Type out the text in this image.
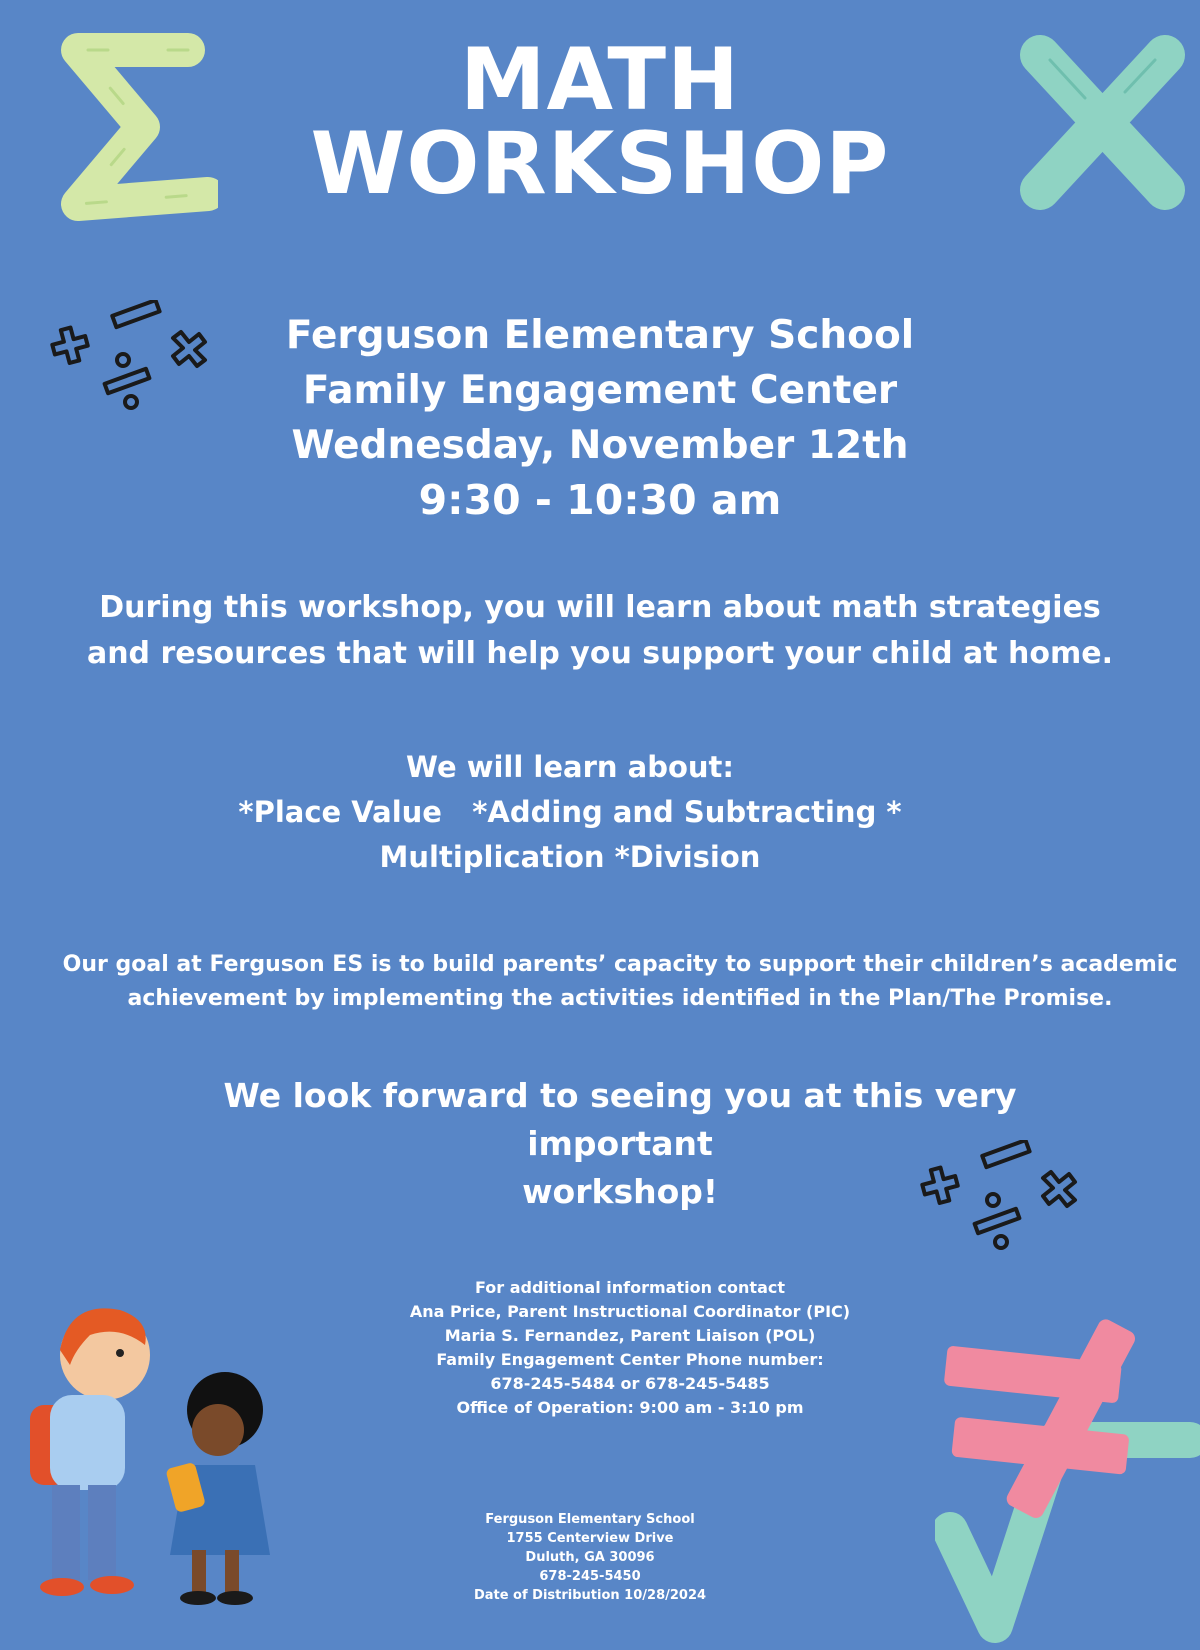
MATH
WORKSHOP
Ferguson Elementary School
Family Engagement Center
Wednesday, November 12th
9:30 - 10:30 am
During this workshop, you will learn about math strategies
and resources that will help you support your child at home.
We will learn about:
*Place Value   *Adding and Subtracting *
Multiplication *Division
Our goal at Ferguson ES is to build parents’ capacity to support their children’s academic
achievement by implementing the activities identified in the Plan/The Promise.
We look forward to seeing you at this very important
workshop!
For additional information contact
Ana Price, Parent Instructional Coordinator (PIC)
Maria S. Fernandez, Parent Liaison (POL)
Family Engagement Center Phone number:
678-245-5484 or 678-245-5485
Office of Operation: 9:00 am - 3:10 pm
Ferguson Elementary School
1755 Centerview Drive
Duluth, GA 30096
678-245-5450
Date of Distribution 10/28/2024
